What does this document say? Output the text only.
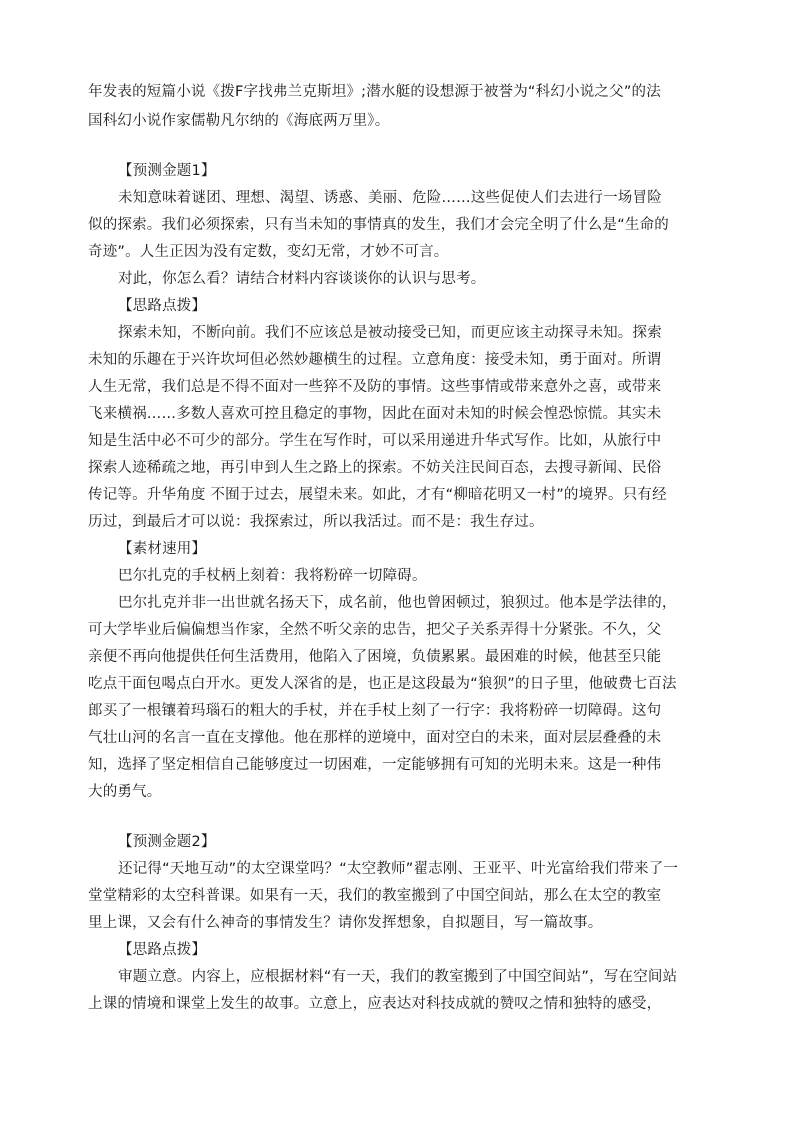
年发表的短篇小说《拨F字找弗兰克斯坦》;潜水艇的设想源于被誉为“科幻小说之父”的法
国科幻小说作家儒勒凡尔纳的《海底两万里》。
【预测金题1】
未知意味着谜团、理想、渴望、诱惑、美丽、危险……这些促使人们去进行一场冒险
似的探索。我们必须探索，只有当未知的事情真的发生，我们才会完全明了什么是“生命的
奇迹”。人生正因为没有定数，变幻无常，才妙不可言。
对此，你怎么看？请结合材料内容谈谈你的认识与思考。
【思路点拨】
探索未知，不断向前。我们不应该总是被动接受已知，而更应该主动探寻未知。探索
未知的乐趣在于兴许坎坷但必然妙趣横生的过程。立意角度：接受未知，勇于面对。所谓
人生无常，我们总是不得不面对一些猝不及防的事情。这些事情或带来意外之喜，或带来
飞来横祸……多数人喜欢可控且稳定的事物，因此在面对未知的时候会惶恐惊慌。其实未
知是生活中必不可少的部分。学生在写作时，可以采用递进升华式写作。比如，从旅行中
探索人迹稀疏之地，再引申到人生之路上的探索。不妨关注民间百态，去搜寻新闻、民俗
传记等。升华角度 不囿于过去，展望未来。如此，才有“柳暗花明又一村”的境界。只有经
历过，到最后才可以说：我探索过，所以我活过。而不是：我生存过。
【素材速用】
巴尔扎克的手杖柄上刻着：我将粉碎一切障碍。
巴尔扎克并非一出世就名扬天下，成名前，他也曾困顿过，狼狈过。他本是学法律的，
可大学毕业后偏偏想当作家，全然不听父亲的忠告，把父子关系弄得十分紧张。不久，父
亲便不再向他提供任何生活费用，他陷入了困境，负债累累。最困难的时候，他甚至只能
吃点干面包喝点白开水。更发人深省的是，也正是这段最为“狼狈”的日子里，他破费七百法
郎买了一根镶着玛瑙石的粗大的手杖，并在手杖上刻了一行字：我将粉碎一切障碍。这句
气壮山河的名言一直在支撑他。他在那样的逆境中，面对空白的未来，面对层层叠叠的未
知，选择了坚定相信自己能够度过一切困难，一定能够拥有可知的光明未来。这是一种伟
大的勇气。
【预测金题2】
还记得“天地互动”的太空课堂吗？“太空教师”翟志刚、王亚平、叶光富给我们带来了一
堂堂精彩的太空科普课。如果有一天，我们的教室搬到了中国空间站，那么在太空的教室
里上课，又会有什么神奇的事情发生？请你发挥想象，自拟题目，写一篇故事。
【思路点拨】
审题立意。内容上，应根据材料“有一天，我们的教室搬到了中国空间站”，写在空间站
上课的情境和课堂上发生的故事。立意上，应表达对科技成就的赞叹之情和独特的感受，
